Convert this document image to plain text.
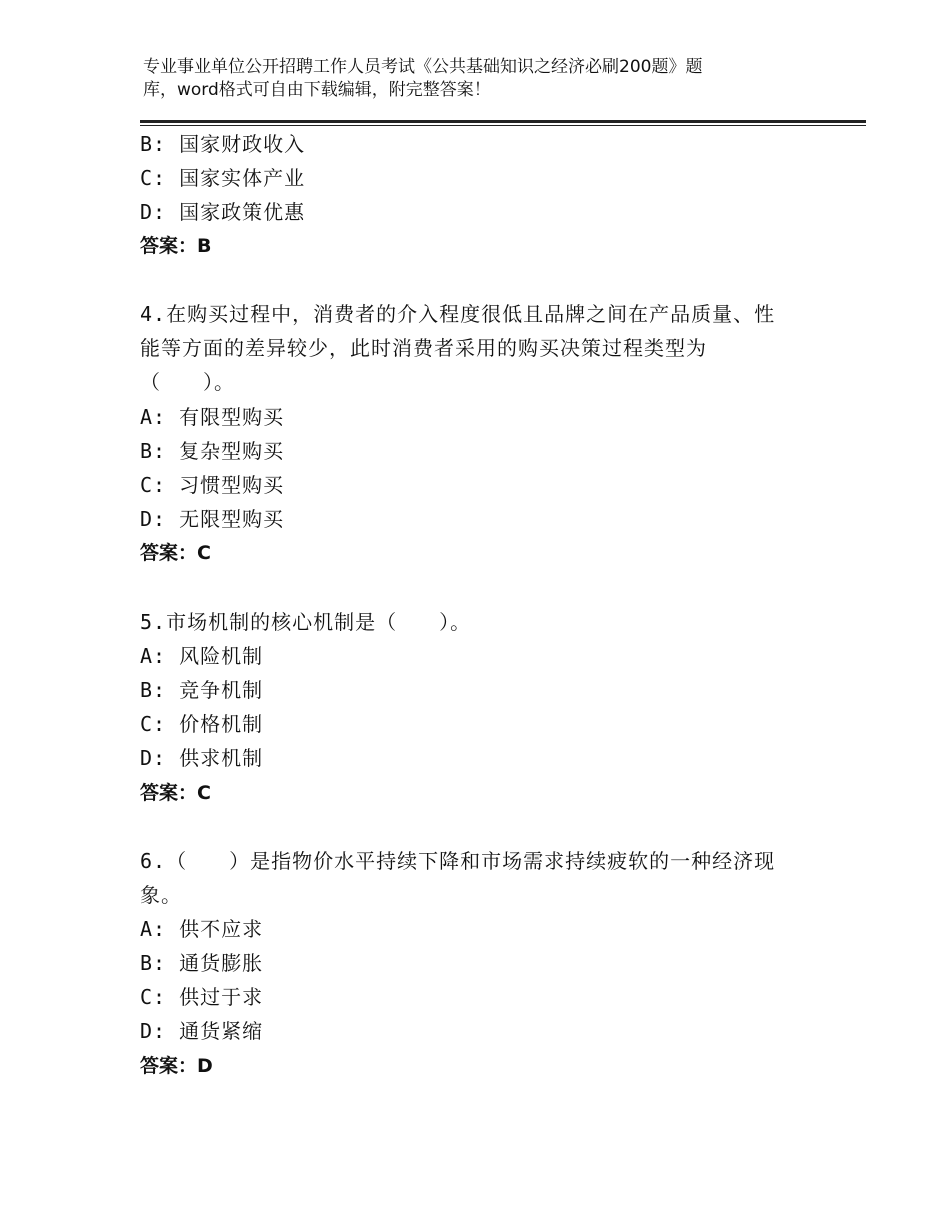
专业事业单位公开招聘工作人员考试《公共基础知识之经济必刷200题》题
库，word格式可自由下载编辑，附完整答案！
B: 国家财政收入
C: 国家实体产业
D: 国家政策优惠
答案：B
4.在购买过程中，消费者的介入程度很低且品牌之间在产品质量、性
能等方面的差异较少，此时消费者采用的购买决策过程类型为
（　　）。
A: 有限型购买
B: 复杂型购买
C: 习惯型购买
D: 无限型购买
答案：C
5.市场机制的核心机制是（　　）。
A: 风险机制
B: 竞争机制
C: 价格机制
D: 供求机制
答案：C
6.（　　）是指物价水平持续下降和市场需求持续疲软的一种经济现
象。
A: 供不应求
B: 通货膨胀
C: 供过于求
D: 通货紧缩
答案：D
